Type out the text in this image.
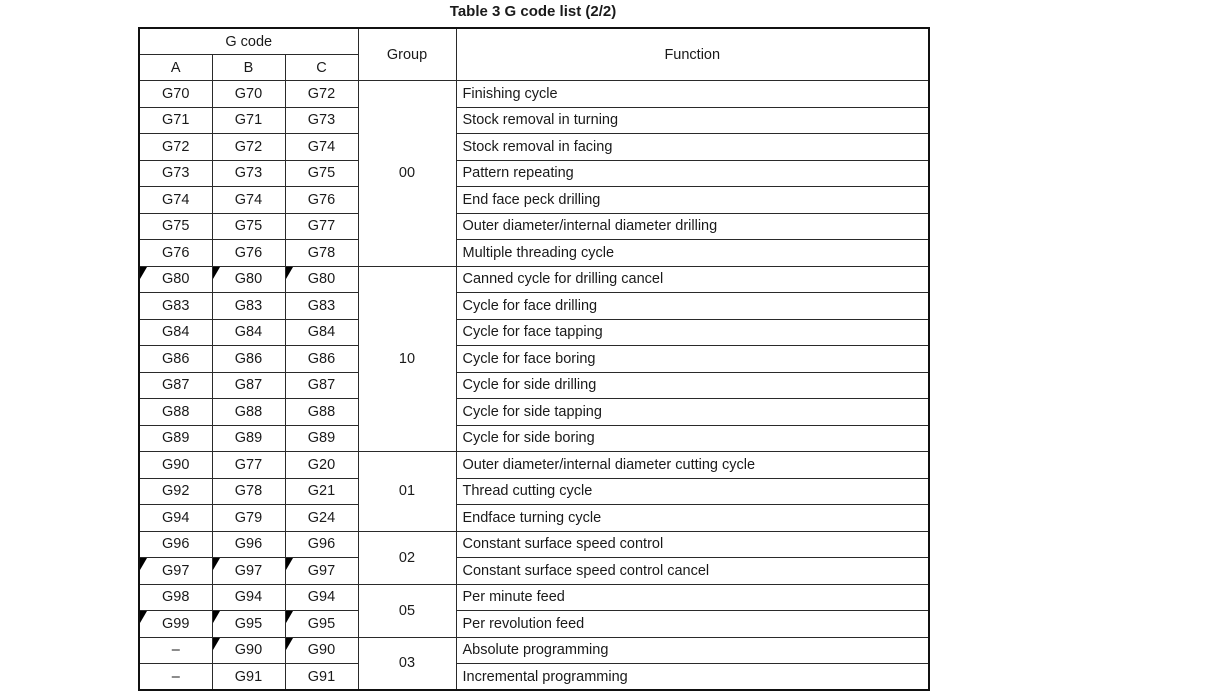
Table 3 G code list (2/2)
G code			Group	Function
A	B	C		
G70	G70	G72	00	Finishing cycle
G71	G71	G73		Stock removal in turning
G72	G72	G74		Stock removal in facing
G73	G73	G75		Pattern repeating
G74	G74	G76		End face peck drilling
G75	G75	G77		Outer diameter/internal diameter drilling
G76	G76	G78		Multiple threading cycle

G80	G80	G80	10	Canned cycle for drilling cancel
G83	G83	G83		Cycle for face drilling
G84	G84	G84		Cycle for face tapping
G86	G86	G86		Cycle for face boring
G87	G87	G87		Cycle for side drilling
G88	G88	G88		Cycle for side tapping
G89	G89	G89		Cycle for side boring
G90	G77	G20	01	Outer diameter/internal diameter cutting cycle
G92	G78	G21		Thread cutting cycle
G94	G79	G24		Endface turning cycle
G96	G96	G96	02	Constant surface speed control

G97	G97	G97		Constant surface speed control cancel
G98	G94	G94	05	Per minute feed

G99	G95	G95		Per revolution feed
–	G90	G90	03	Absolute programming
–	G91	G91		Incremental programming
